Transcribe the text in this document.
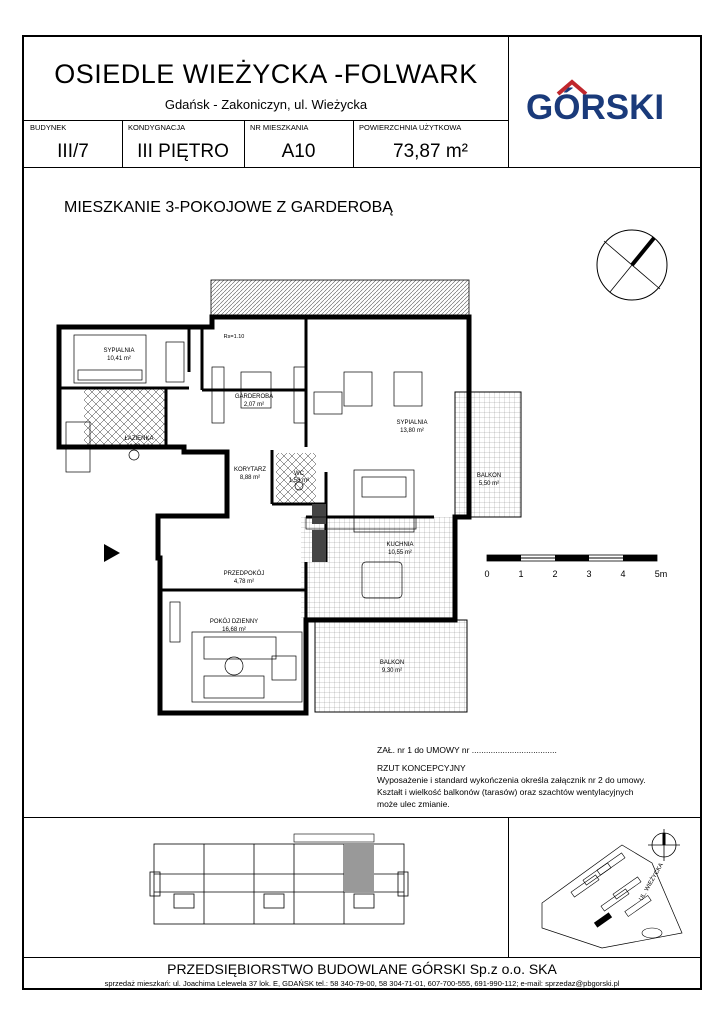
OSIEDLE WIEŻYCKA -FOLWARK
Gdańsk - Zakoniczyn, ul. Wieżycka	GÓRSKI
BUDYNEK
III/7
KONDYGNACJA
III PIĘTRO
NR MIESZKANIA
A10
POWIERZCHNIA UŻYTKOWA
73,87 m²
MIESZKANIE 3-POKOJOWE Z GARDEROBĄ
SYPIALNIA
10,41 m²
GARDEROBA
2,07 m²
SYPIALNIA
13,80 m²
ŁAZIENKA
4,63 m²
KORYTARZ
8,88 m²
WC
1,58 m²
BALKON
5,50 m²
KUCHNIA
10,55 m²
PRZEDPOKÓJ
4,78 m²
POKÓJ DZIENNY
16,68 m²
BALKON
9,30 m²
Rs=1.10
0	1	2	3	4	5m
ZAŁ. nr 1 do UMOWY nr ....................................
RZUT KONCEPCYJNY
Wyposażenie i standard wykończenia określa załącznik nr 2 do umowy.
Kształt i wielkość balkonów (tarasów) oraz szachtów wentylacyjnych
może ulec zmianie.
UL. WIEŻYCKA
PRZEDSIĘBIORSTWO BUDOWLANE GÓRSKI Sp.z o.o. SKA
sprzedaż mieszkań: ul. Joachima Lelewela 37 lok. E, GDAŃSK tel.: 58 340-79-00, 58 304-71-01, 607-700-555, 691-990-112; e-mail: sprzedaz@pbgorski.pl
